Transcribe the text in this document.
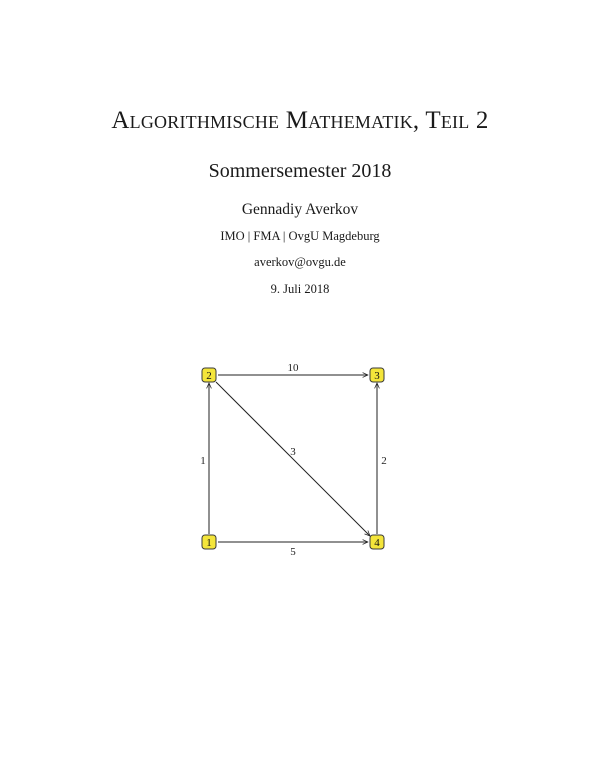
Algorithmische Mathematik, Teil 2
Sommersemester 2018
Gennadiy Averkov
IMO | FMA | OvgU Magdeburg
averkov@ovgu.de
9. Juli 2018
10
1
3
2
5
2	3
1	4
